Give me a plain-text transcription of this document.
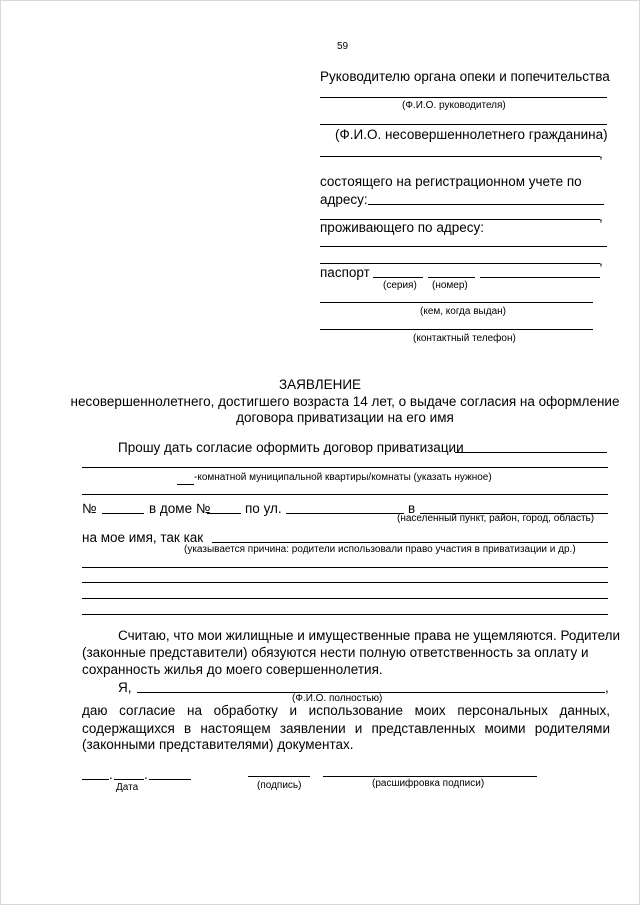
59
Руководителю органа опеки и попечительства
(Ф.И.О. руководителя)
(Ф.И.О. несовершеннолетнего гражданина)
,
состоящего на регистрационном учете по
адресу:
,
проживающего по адресу:
,
паспорт
(серия) (номер)
(кем, когда выдан)
(контактный телефон)
ЗАЯВЛЕНИЕ
несовершеннолетнего, достигшего возраста 14 лет, о выдаче согласия на оформление
договора приватизации на его имя
Прошу дать согласие оформить договор приватизации
-комнатной муниципальной квартиры/комнаты (указать нужное)
№	в доме №	по ул.	в
(населенный пункт, район, город, область)
на мое имя, так как
(указывается причина: родители использовали право участия в приватизации и др.)
Считаю, что мои жилищные и имущественные права не ущемляются. Родители
(законные представители) обязуются нести полную ответственность за оплату и
сохранность жилья до моего совершеннолетия.
Я,	,
(Ф.И.О. полностью)
даю согласие на обработку и использование моих персональных данных,
содержащихся в настоящем заявлении и представленных моими родителями
(законными представителями) документах.
. .
Дата	(подпись)	(расшифровка подписи)
